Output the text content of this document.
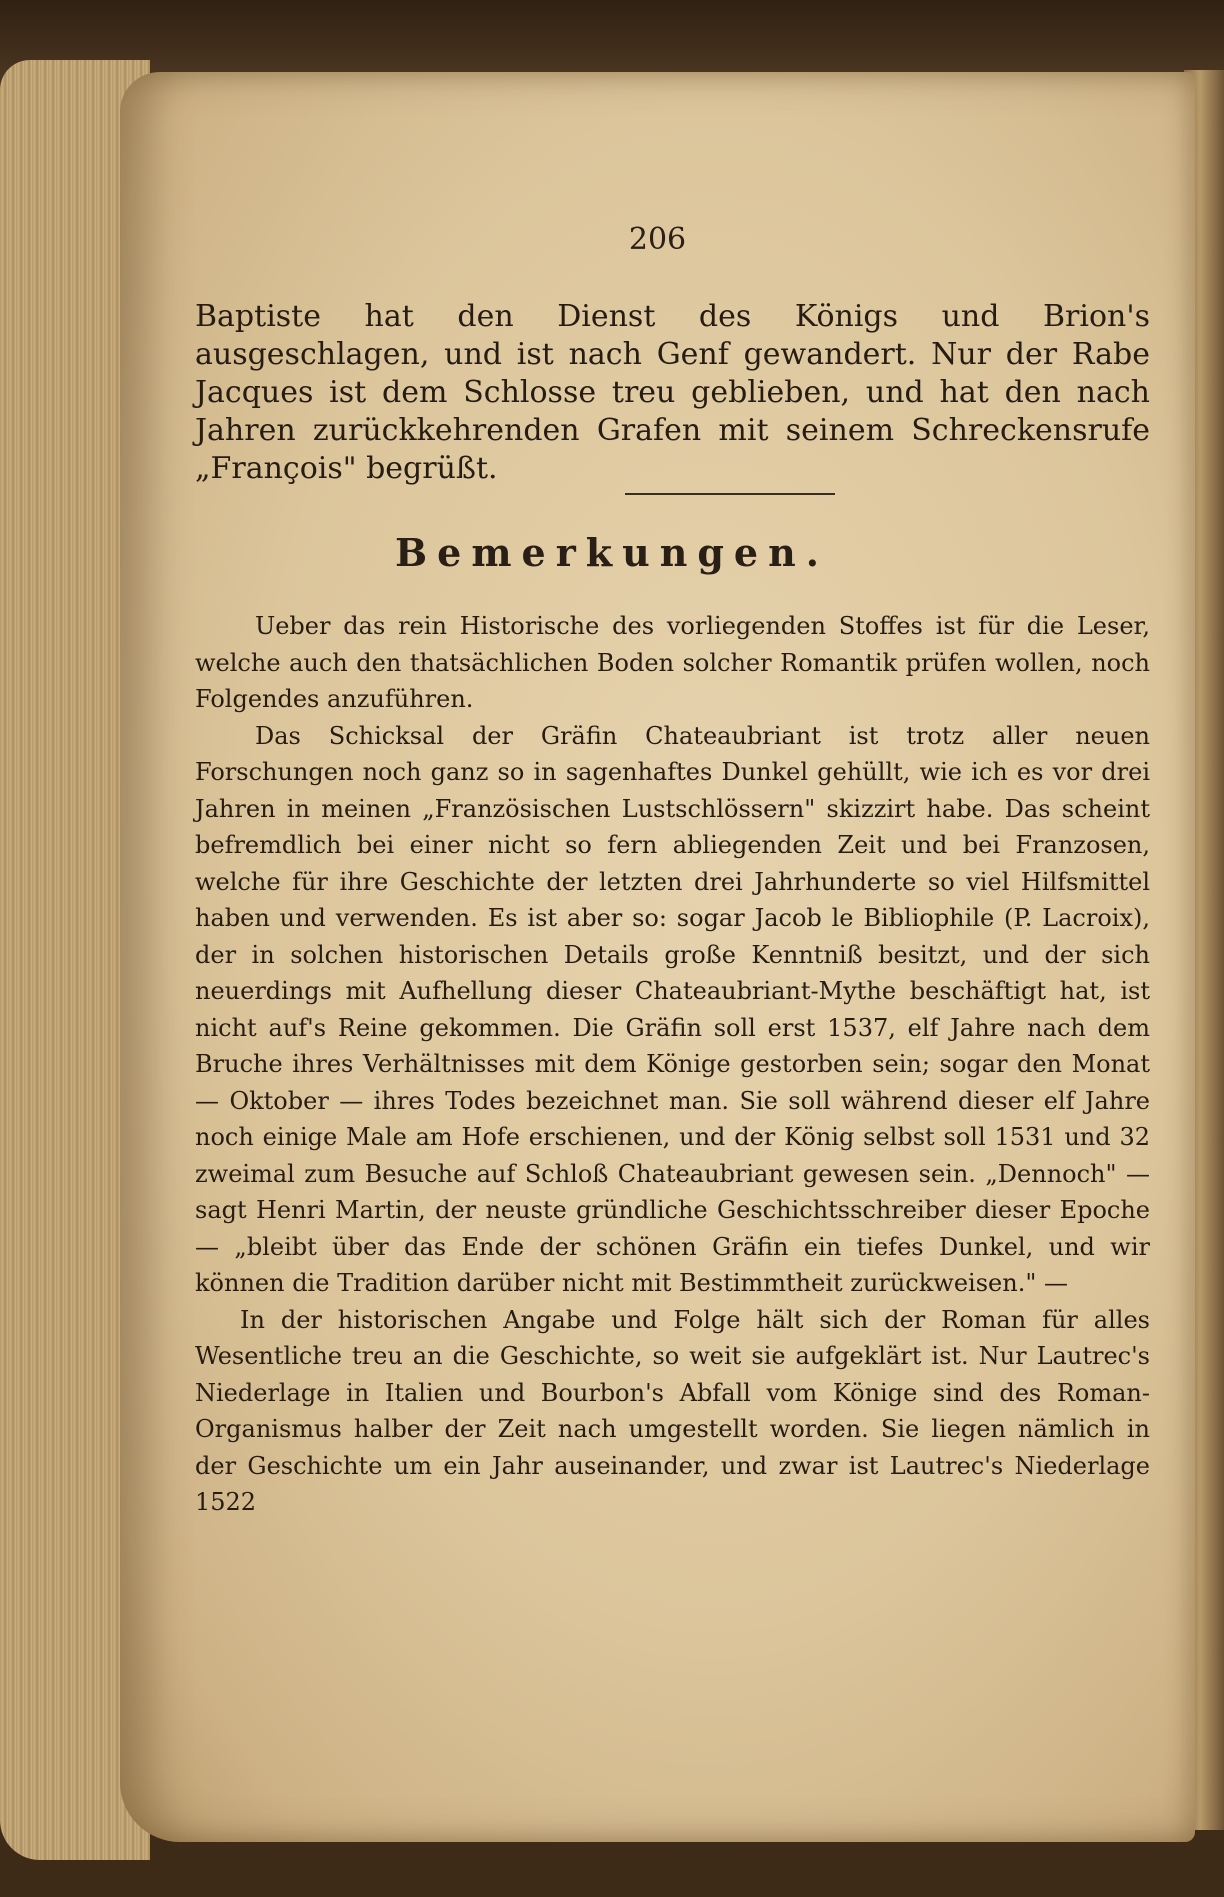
206

Baptiste hat den Dienst des Königs und Brion's ausgeschlagen, und ist nach Genf gewandert. Nur der Rabe Jacques ist dem Schlosse treu geblieben, und hat den nach Jahren zurückkehrenden Grafen mit seinem Schreckensrufe „François" begrüßt.

Bemerkungen.

Ueber das rein Historische des vorliegenden Stoffes ist für die Leser, welche auch den thatsächlichen Boden solcher Romantik prüfen wollen, noch Folgendes anzuführen.

Das Schicksal der Gräfin Chateaubriant ist trotz aller neuen Forschungen noch ganz so in sagenhaftes Dunkel gehüllt, wie ich es vor drei Jahren in meinen „Französischen Lustschlössern" skizzirt habe. Das scheint befremdlich bei einer nicht so fern abliegenden Zeit und bei Franzosen, welche für ihre Geschichte der letzten drei Jahrhunderte so viel Hilfsmittel haben und verwenden. Es ist aber so: sogar Jacob le Bibliophile (P. Lacroix), der in solchen historischen Details große Kenntniß besitzt, und der sich neuerdings mit Aufhellung dieser Chateaubriant-Mythe beschäftigt hat, ist nicht auf's Reine gekommen. Die Gräfin soll erst 1537, elf Jahre nach dem Bruche ihres Verhältnisses mit dem Könige gestorben sein; sogar den Monat — Oktober — ihres Todes bezeichnet man. Sie soll während dieser elf Jahre noch einige Male am Hofe erschienen, und der König selbst soll 1531 und 32 zweimal zum Besuche auf Schloß Chateaubriant gewesen sein. „Dennoch" — sagt Henri Martin, der neuste gründliche Geschichtsschreiber dieser Epoche — „bleibt über das Ende der schönen Gräfin ein tiefes Dunkel, und wir können die Tradition darüber nicht mit Bestimmtheit zurückweisen." —

In der historischen Angabe und Folge hält sich der Roman für alles Wesentliche treu an die Geschichte, so weit sie aufgeklärt ist. Nur Lautrec's Niederlage in Italien und Bourbon's Abfall vom Könige sind des Roman-Organismus halber der Zeit nach umgestellt worden. Sie liegen nämlich in der Geschichte um ein Jahr auseinander, und zwar ist Lautrec's Niederlage 1522
